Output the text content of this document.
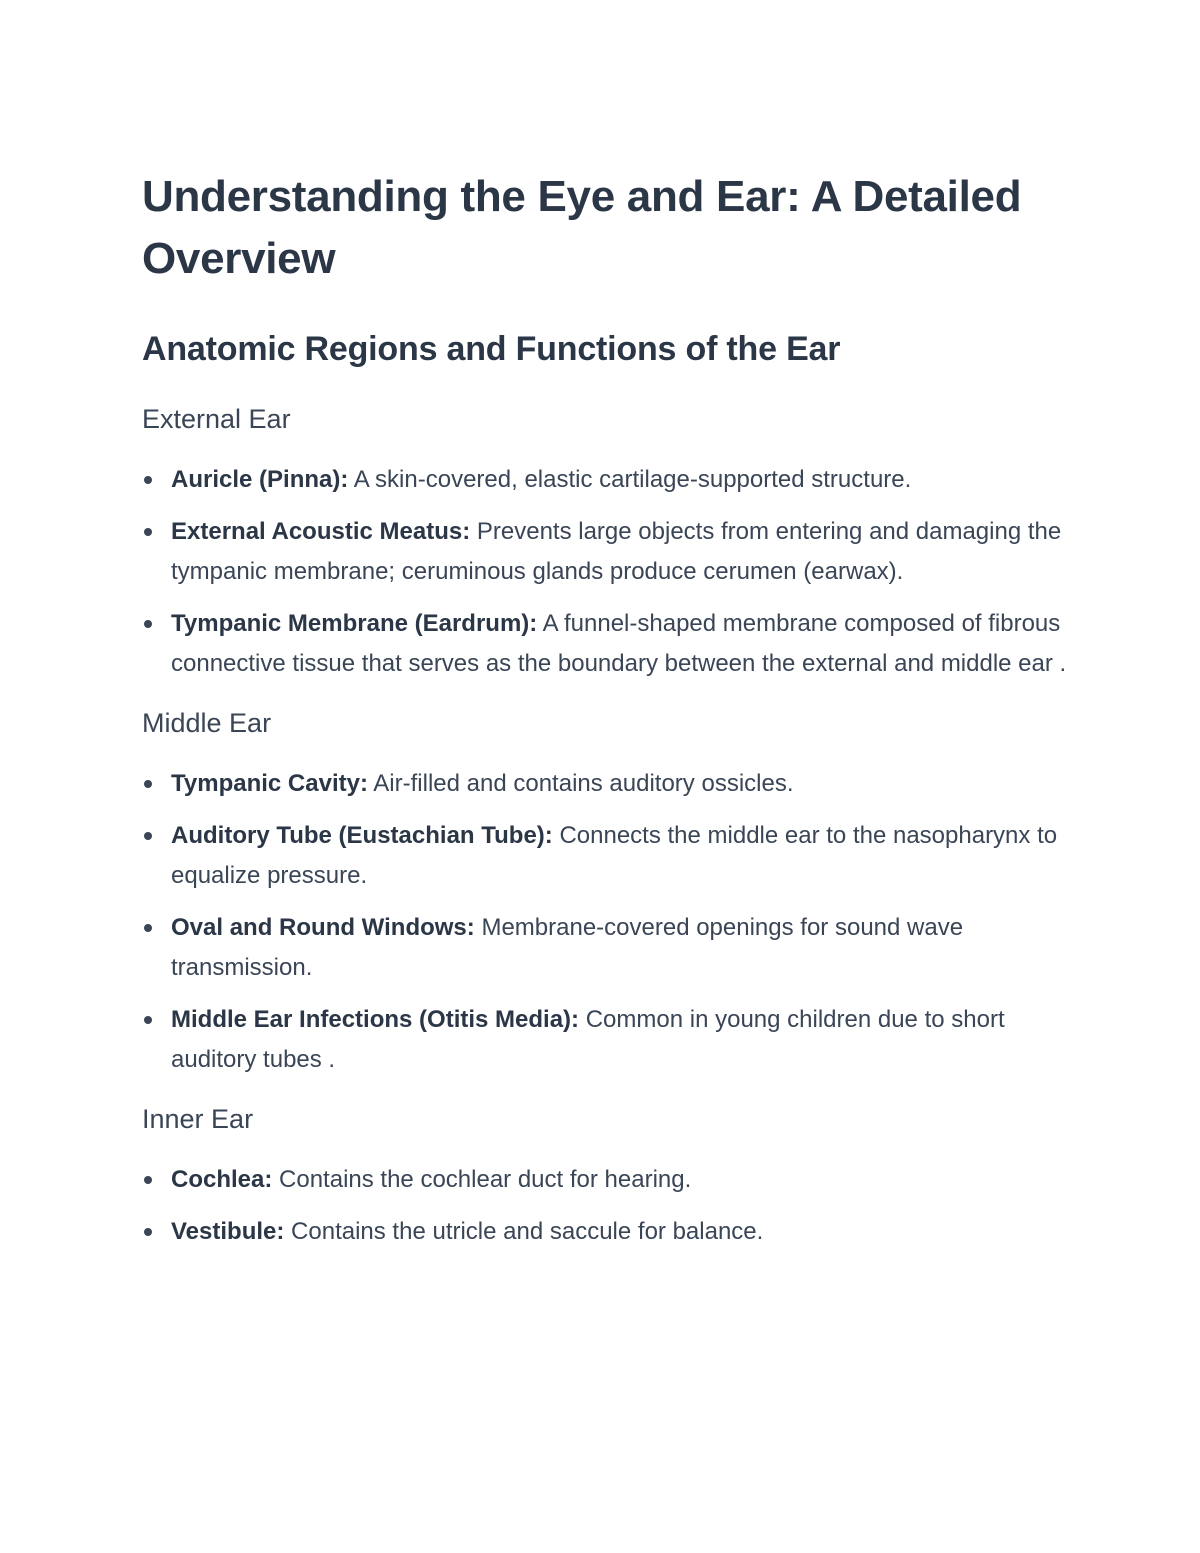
Understanding the Eye and Ear: A Detailed Overview
Anatomic Regions and Functions of the Ear
External Ear
Auricle (Pinna): A skin-covered, elastic cartilage-supported structure.
External Acoustic Meatus: Prevents large objects from entering and damaging the tympanic membrane; ceruminous glands produce cerumen (earwax).
Tympanic Membrane (Eardrum): A funnel-shaped membrane composed of fibrous connective tissue that serves as the boundary between the external and middle ear .
Middle Ear
Tympanic Cavity: Air-filled and contains auditory ossicles.
Auditory Tube (Eustachian Tube): Connects the middle ear to the nasopharynx to equalize pressure.
Oval and Round Windows: Membrane-covered openings for sound wave transmission.
Middle Ear Infections (Otitis Media): Common in young children due to short auditory tubes .
Inner Ear
Cochlea: Contains the cochlear duct for hearing.
Vestibule: Contains the utricle and saccule for balance.
